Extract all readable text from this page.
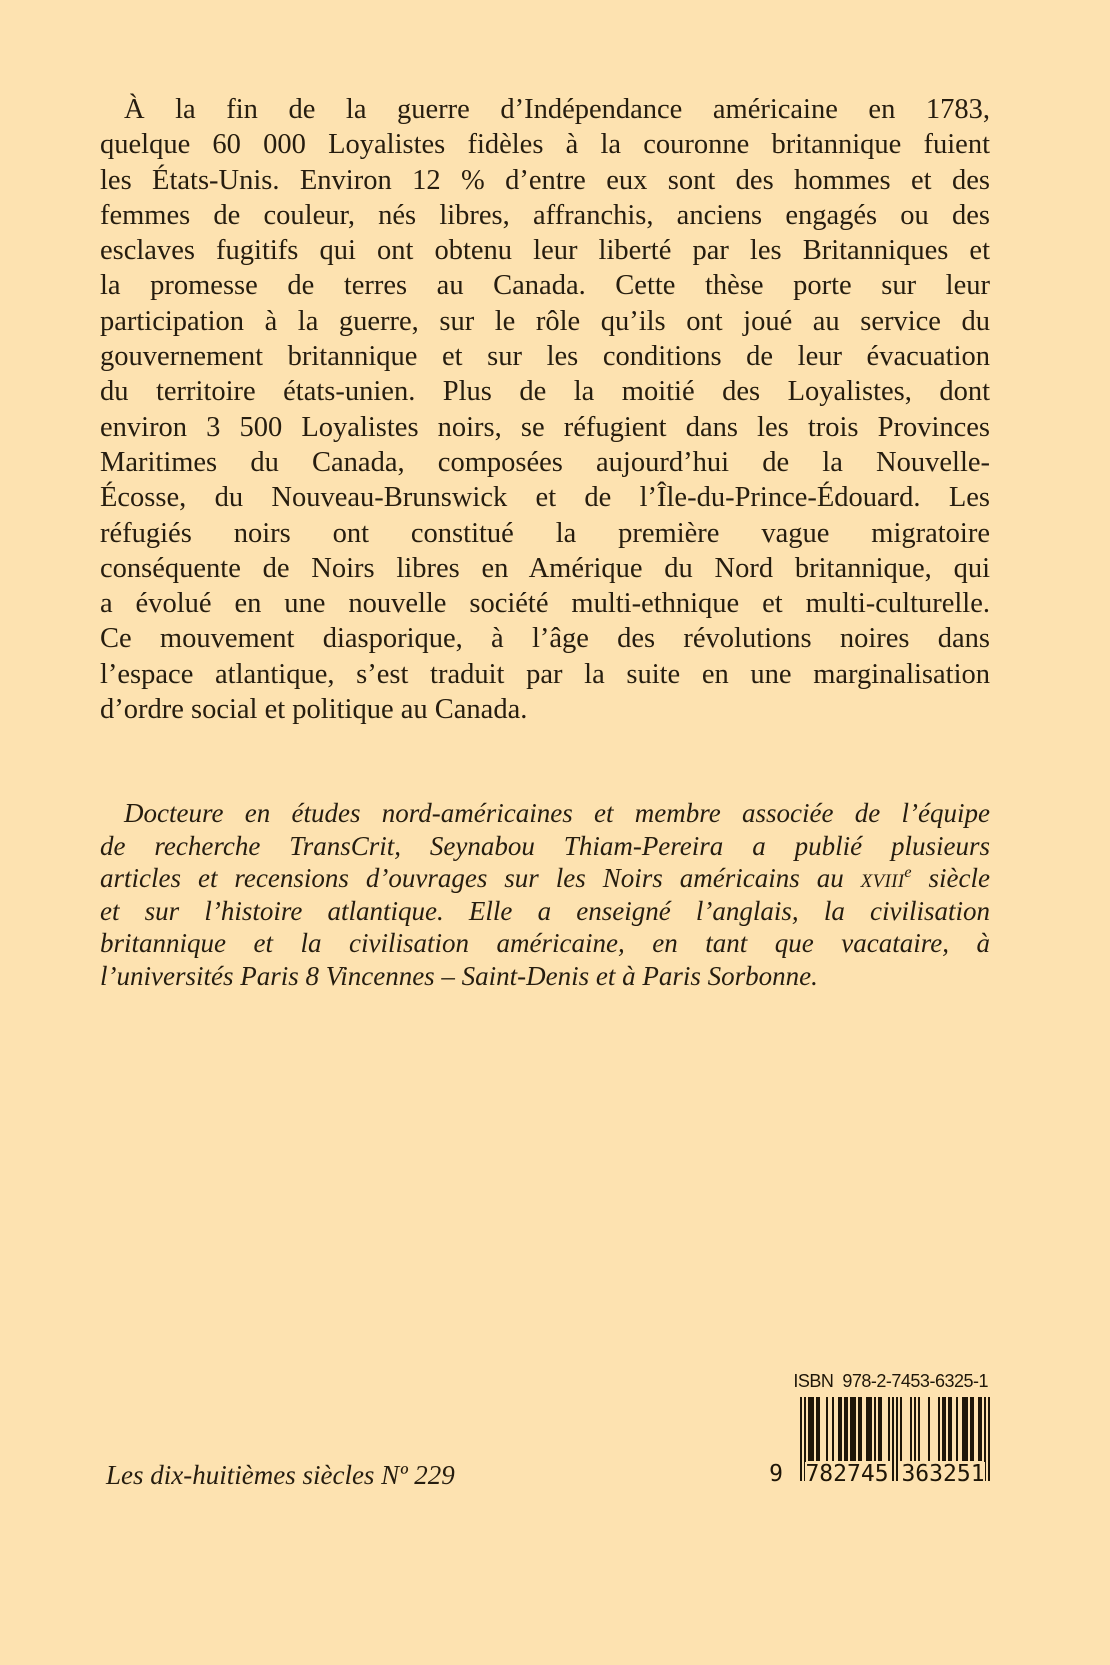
À la fin de la guerre d’Indépendance américaine en 1783,
quelque 60 000 Loyalistes fidèles à la couronne britannique fuient
les États-Unis. Environ 12 % d’entre eux sont des hommes et des
femmes de couleur, nés libres, affranchis, anciens engagés ou des
esclaves fugitifs qui ont obtenu leur liberté par les Britanniques et
la promesse de terres au Canada. Cette thèse porte sur leur
participation à la guerre, sur le rôle qu’ils ont joué au service du
gouvernement britannique et sur les conditions de leur évacuation
du territoire états-unien. Plus de la moitié des Loyalistes, dont
environ 3 500 Loyalistes noirs, se réfugient dans les trois Provinces
Maritimes du Canada, composées aujourd’hui de la Nouvelle-
Écosse, du Nouveau-Brunswick et de l’Île-du-Prince-Édouard. Les
réfugiés noirs ont constitué la première vague migratoire
conséquente de Noirs libres en Amérique du Nord britannique, qui
a évolué en une nouvelle société multi-ethnique et multi-culturelle.
Ce mouvement diasporique, à l’âge des révolutions noires dans
l’espace atlantique, s’est traduit par la suite en une marginalisation
d’ordre social et politique au Canada.
Docteure en études nord-américaines et membre associée de l’équipe
de recherche TransCrit, Seynabou Thiam-Pereira a publié plusieurs
articles et recensions d’ouvrages sur les Noirs américains au xviii$^e$ siècle
et sur l’histoire atlantique. Elle a enseigné l’anglais, la civilisation
britannique et la civilisation américaine, en tant que vacataire, à
l’universités Paris 8 Vincennes – Saint-Denis et à Paris Sorbonne.
Les dix-huitièmes siècles Nº 229
ISBN  978-2-7453-6325-1
9 782745 363251
